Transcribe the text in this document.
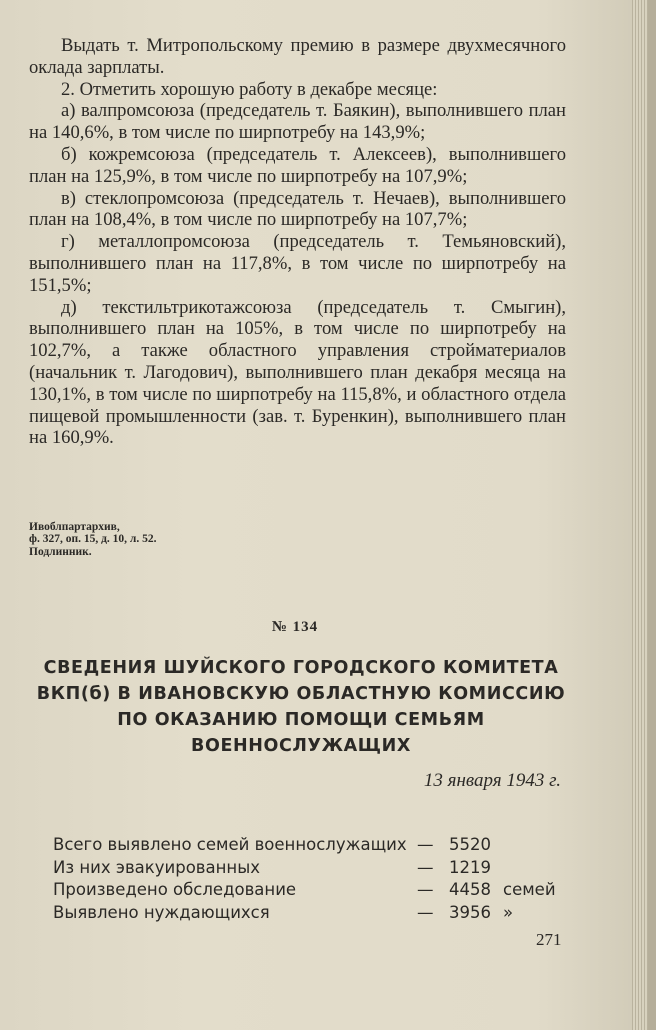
Выдать т. Митропольскому премию в размере двухмесячного оклада зарплаты.

2. Отметить хорошую работу в декабре месяце:

а) валпромсоюза (председатель т. Баякин), выполнившего план на 140,6%, в том числе по ширпотребу на 143,9%;

б) кожремсоюза (председатель т. Алексеев), выполнившего план на 125,9%, в том числе по ширпотребу на 107,9%;

в) стеклопромсоюза (председатель т. Нечаев), выполнившего план на 108,4%, в том числе по ширпотребу на 107,7%;

г) металлопромсоюза (председатель т. Темьяновский), выполнившего план на 117,8%, в том числе по ширпотребу на 151,5%;

д) текстильтрикотажсоюза (председатель т. Смыгин), выполнившего план на 105%, в том числе по ширпотребу на 102,7%, а также областного управления стройматериалов (начальник т. Лагодович), выполнившего план декабря месяца на 130,1%, в том числе по ширпотребу на 115,8%, и областного отдела пищевой промышленности (зав. т. Буренкин), выполнившего план на 160,9%.

Ивоблпартархив,
ф. 327, оп. 15, д. 10, л. 52.
Подлинник.
№ 134
СВЕДЕНИЯ ШУЙСКОГО ГОРОДСКОГО КОМИТЕТА ВКП(б) В ИВАНОВСКУЮ ОБЛАСТНУЮ КОМИССИЮ ПО ОКАЗАНИЮ ПОМОЩИ СЕМЬЯМ ВОЕННОСЛУЖАЩИХ
13 января 1943 г.
Всего выявлено семей военнослужащих — 5520
Из них эвакуированных	— 1219
Произведено обследование	— 4458 семей
Выявлено нуждающихся	— 3956 »
271
